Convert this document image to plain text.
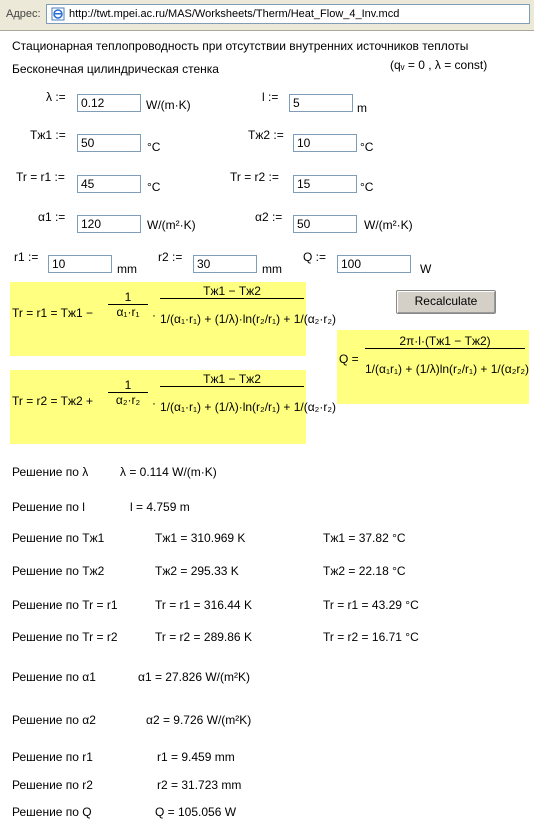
Адрес:	http://twt.mpei.ac.ru/MAS/Worksheets/Therm/Heat_Flow_4_Inv.mcd
Стационарная теплопроводность при отсутствии внутренних источников теплоты
Бесконечная цилиндрическая стенка	(qᵥ = 0 , λ = const)
λ :=	0.12	W/(m·K)
l :=	5	m
Tж1 :=
50	°C
Tж2 :=
10	°C
Tr = r1 :=	45	°C
Tr = r2 :=	15	°C
α1 :=	120	W/(m²·K)
α2 :=	50	W/(m²·K)
r1 :=	10	mm
r2 :=	30	mm
Q :=	100	W
Recalculate
Tr = r1 = Tж1 −
1
α₁·r₁	·
Tж1 − Tж2
1/(α₁·r₁) + (1/λ)·ln(r₂/r₁) + 1/(α₂·r₂)
Q =
2π·l·(Tж1 − Tж2)
1/(α₁r₁) + (1/λ)ln(r₂/r₁) + 1/(α₂r₂)
Tr = r2 = Tж2 +
1
α₂·r₂ ·
Tж1 − Tж2
1/(α₁·r₁) + (1/λ)·ln(r₂/r₁) + 1/(α₂·r₂)
Решение по λ	λ = 0.114 W/(m·K)
Решение по l	l = 4.759 m
Решение по Tж1	Tж1 = 310.969 K	Tж1 = 37.82 °C
Решение по Tж2	Tж2 = 295.33 K	Tж2 = 22.18 °C
Решение по Tr = r1	Tr = r1 = 316.44 K	Tr = r1 = 43.29 °C
Решение по Tr = r2	Tr = r2 = 289.86 K	Tr = r2 = 16.71 °C
Решение по α1	α1 = 27.826 W/(m²K)
Решение по α2	α2 = 9.726 W/(m²K)
Решение по r1	r1 = 9.459 mm
Решение по r2	r2 = 31.723 mm
Решение по Q	Q = 105.056 W
